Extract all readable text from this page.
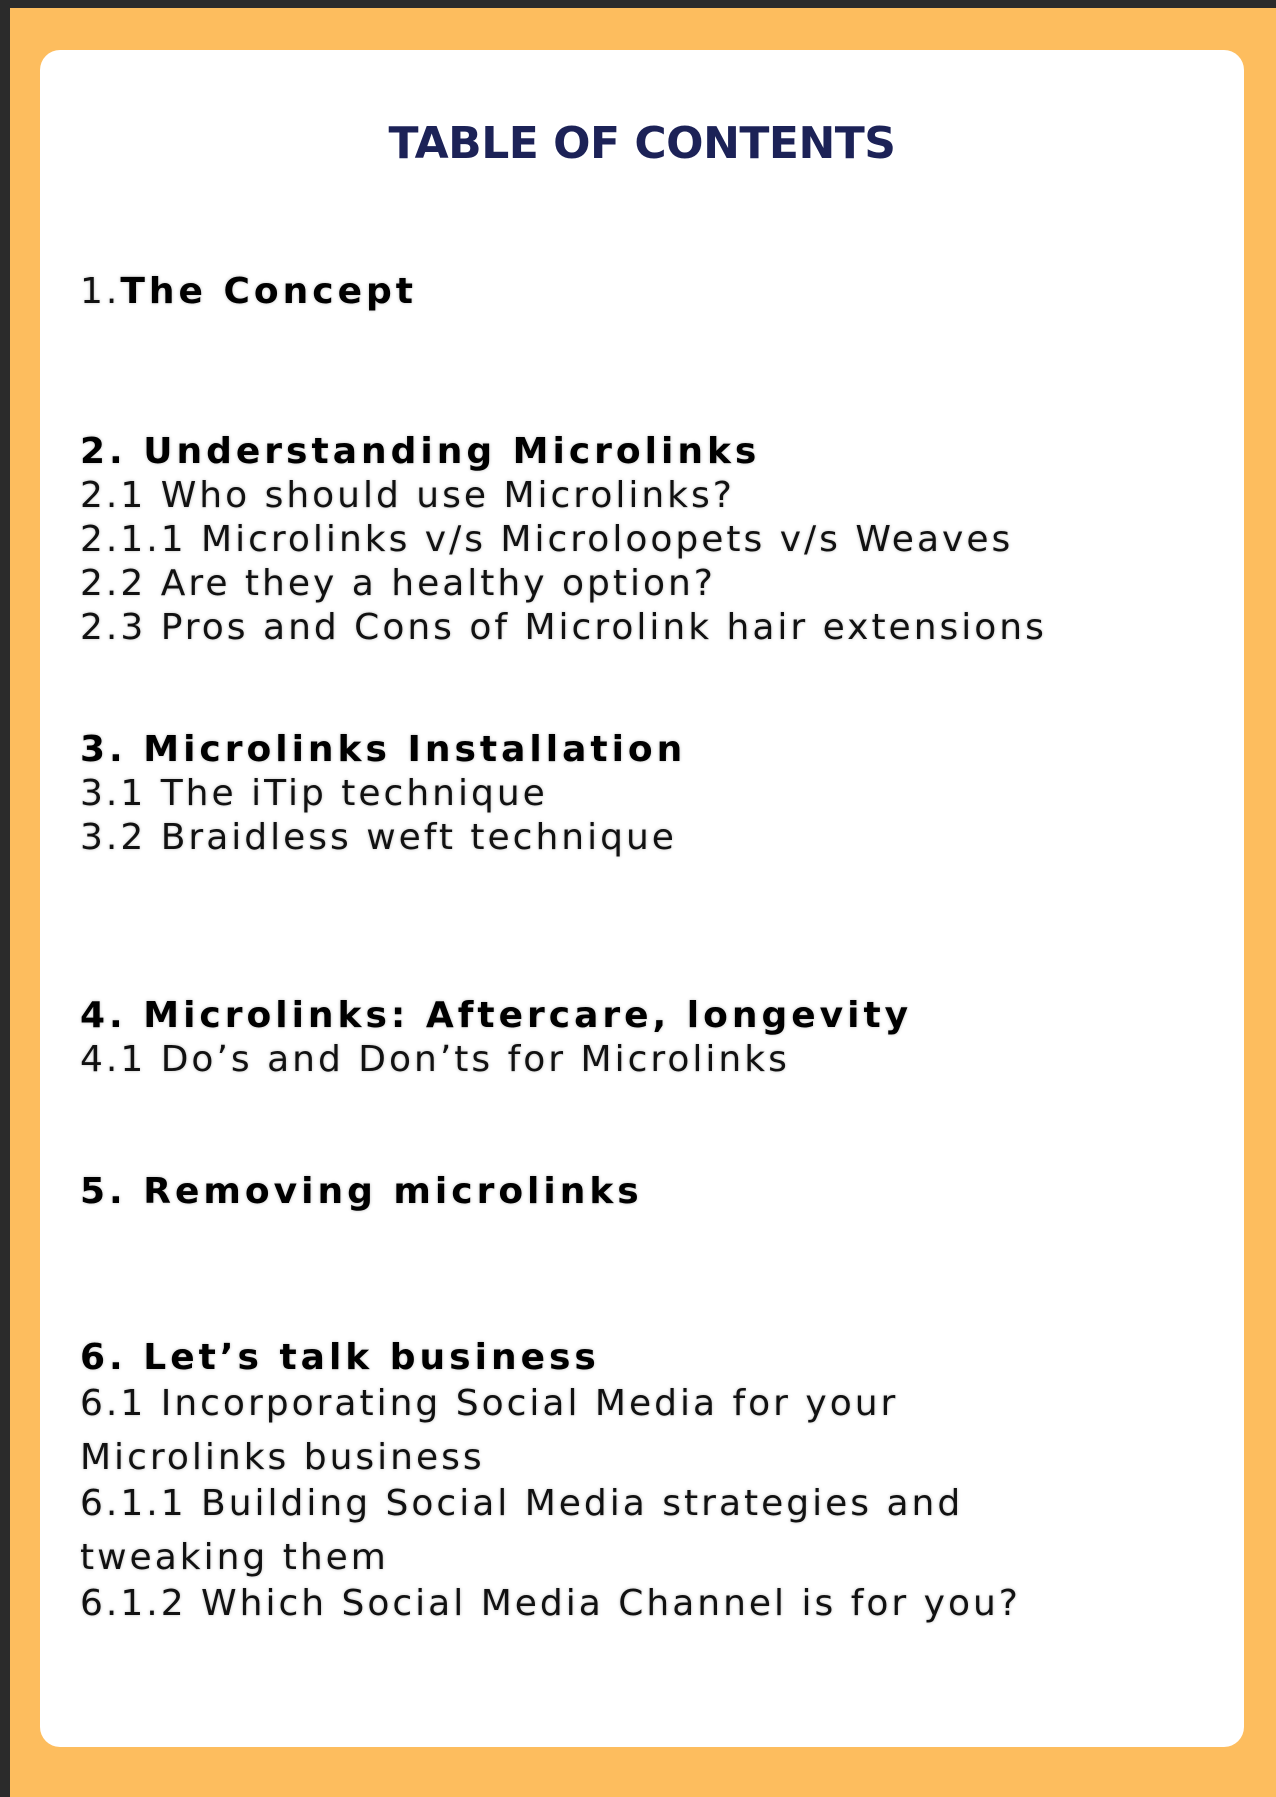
TABLE OF CONTENTS

1.The Concept

2. Understanding Microlinks

2.1 Who should use Microlinks?

2.1.1 Microlinks v/s Microloopets v/s Weaves

2.2 Are they a healthy option?

2.3 Pros and Cons of Microlink hair extensions

3. Microlinks Installation

3.1 The iTip technique

3.2 Braidless weft technique

4. Microlinks: Aftercare, longevity

4.1 Do’s and Don’ts for Microlinks

5. Removing microlinks

6. Let’s talk business

6.1 Incorporating Social Media for your

Microlinks business

6.1.1 Building Social Media strategies and

tweaking them

6.1.2 Which Social Media Channel is for you?
